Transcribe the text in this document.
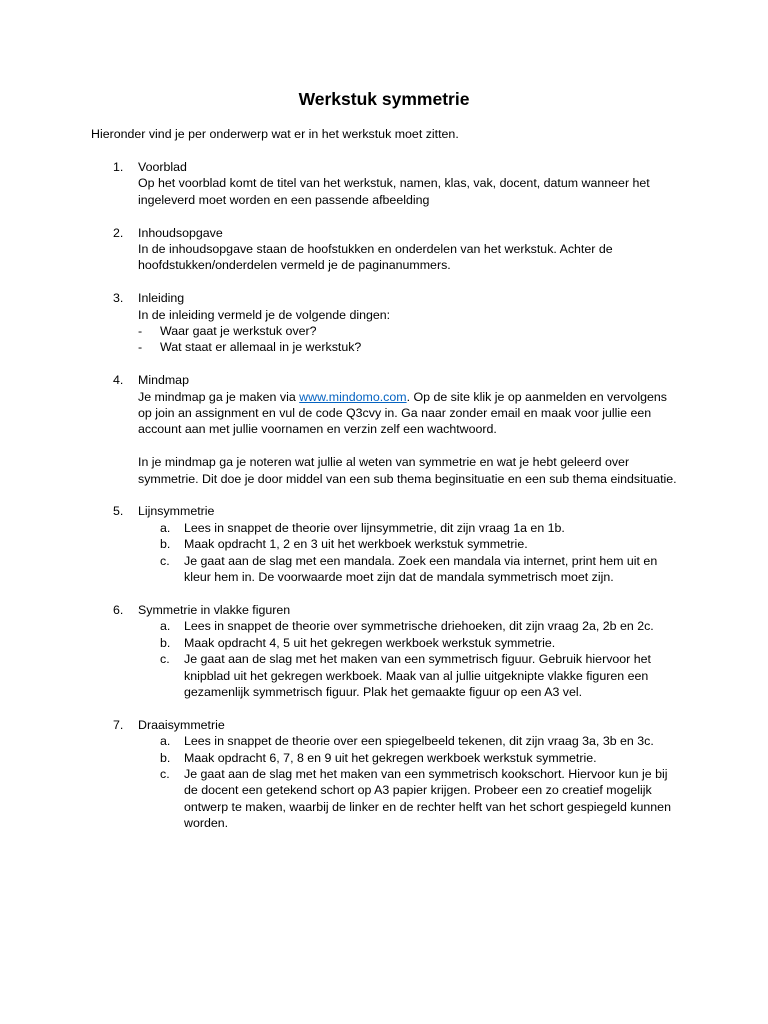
Werkstuk symmetrie

Hieronder vind je per onderwerp wat er in het werkstuk moet zitten.

1. Voorblad

Op het voorblad komt de titel van het werkstuk, namen, klas, vak, docent, datum wanneer het ingeleverd moet worden en een passende afbeelding

2. Inhoudsopgave

In de inhoudsopgave staan de hoofstukken en onderdelen van het werkstuk. Achter de hoofdstukken/onderdelen vermeld je de paginanummers.

3. Inleiding

In de inleiding vermeld je de volgende dingen:

- Waar gaat je werkstuk over?
- Wat staat er allemaal in je werkstuk?
4. Mindmap

Je mindmap ga je maken via www.mindomo.com. Op de site klik je op aanmelden en vervolgens op join an assignment en vul de code Q3cvy in. Ga naar zonder email en maak voor jullie een account aan met jullie voornamen en verzin zelf een wachtwoord.

In je mindmap ga je noteren wat jullie al weten van symmetrie en wat je hebt geleerd over symmetrie. Dit doe je door middel van een sub thema beginsituatie en een sub thema eindsituatie.

5. Lijnsymmetrie

a. Lees in snappet de theorie over lijnsymmetrie, dit zijn vraag 1a en 1b.
b. Maak opdracht 1, 2 en 3 uit het werkboek werkstuk symmetrie.
c. Je gaat aan de slag met een mandala. Zoek een mandala via internet, print hem uit en kleur hem in. De voorwaarde moet zijn dat de mandala symmetrisch moet zijn.
6. Symmetrie in vlakke figuren

a. Lees in snappet de theorie over symmetrische driehoeken, dit zijn vraag 2a, 2b en 2c.
b. Maak opdracht 4, 5 uit het gekregen werkboek werkstuk symmetrie.
c. Je gaat aan de slag met het maken van een symmetrisch figuur. Gebruik hiervoor het knipblad uit het gekregen werkboek. Maak van al jullie uitgeknipte vlakke figuren een gezamenlijk symmetrisch figuur. Plak het gemaakte figuur op een A3 vel.
7. Draaisymmetrie

a. Lees in snappet de theorie over een spiegelbeeld tekenen, dit zijn vraag 3a, 3b en 3c.
b. Maak opdracht 6, 7, 8 en 9 uit het gekregen werkboek werkstuk symmetrie.
c. Je gaat aan de slag met het maken van een symmetrisch kookschort. Hiervoor kun je bij de docent een getekend schort op A3 papier krijgen. Probeer een zo creatief mogelijk ontwerp te maken, waarbij de linker en de rechter helft van het schort gespiegeld kunnen worden.
